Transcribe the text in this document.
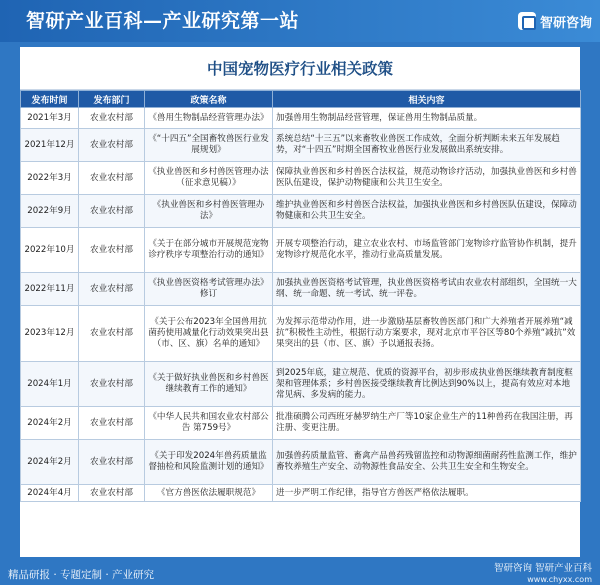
智研产业百科—产业研究第一站	智研咨询
中国宠物医疗行业相关政策
发布时间	发布部门	政策名称	相关内容
2021年3月	农业农村部	《兽用生物制品经营管理办法》	加强兽用生物制品经营管理，保证兽用生物制品质量。
2021年12月	农业农村部	《“十四五”全国畜牧兽医行业发展规划》	系统总结“十三五”以来畜牧业兽医工作成效，全面分析判断未来五年发展趋势，对“十四五”时期全国畜牧业兽医行业发展做出系统安排。
2022年3月	农业农村部	《执业兽医和乡村兽医管理办法（征求意见稿）》	保障执业兽医和乡村兽医合法权益，规范动物诊疗活动，加强执业兽医和乡村兽医队伍建设，保护动物健康和公共卫生安全。
2022年9月	农业农村部	《执业兽医和乡村兽医管理办法》	维护执业兽医和乡村兽医合法权益，加强执业兽医和乡村兽医队伍建设，保障动物健康和公共卫生安全。
2022年10月	农业农村部	《关于在部分城市开展规范宠物诊疗秩序专项整治行动的通知》	开展专项整治行动，建立农业农村、市场监管部门宠物诊疗监管协作机制，提升宠物诊疗规范化水平，推动行业高质量发展。
2022年11月	农业农村部	《执业兽医资格考试管理办法》修订	加强执业兽医资格考试管理，执业兽医资格考试由农业农村部组织，全国统一大纲、统一命题、统一考试、统一评卷。
2023年12月	农业农村部	《关于公布2023年全国兽用抗菌药使用减量化行动效果突出县（市、区、旗）名单的通知》	为发挥示范带动作用，进一步激励基层畜牧兽医部门和广大养殖者开展养殖“减抗”积极性主动性，根据行动方案要求，现对北京市平谷区等80个养殖“减抗”效果突出的县（市、区、旗）予以通报表扬。
2024年1月	农业农村部	《关于做好执业兽医和乡村兽医继续教育工作的通知》	到2025年底，建立规范、优质的资源平台，初步形成执业兽医继续教育制度框架和管理体系；乡村兽医接受继续教育比例达到90%以上，提高有效应对本地常见病、多发病的能力。
2024年2月	农业农村部	《中华人民共和国农业农村部公告 第759号》	批准硕腾公司西班牙赫罗纳生产厂等10家企业生产的11种兽药在我国注册，再注册、变更注册。
2024年2月	农业农村部	《关于印发2024年兽药质量监督抽检和风险监测计划的通知》	加强兽药质量监管、畜禽产品兽药残留监控和动物源细菌耐药性监测工作，维护畜牧养殖生产安全、动物源性食品安全、公共卫生安全和生物安全。
2024年4月	农业农村部	《官方兽医依法履职规范》	进一步严明工作纪律，指导官方兽医严格依法履职。
精品研报 · 专题定制 · 产业研究
智研咨询 智研产业百科
www.chyxx.com
